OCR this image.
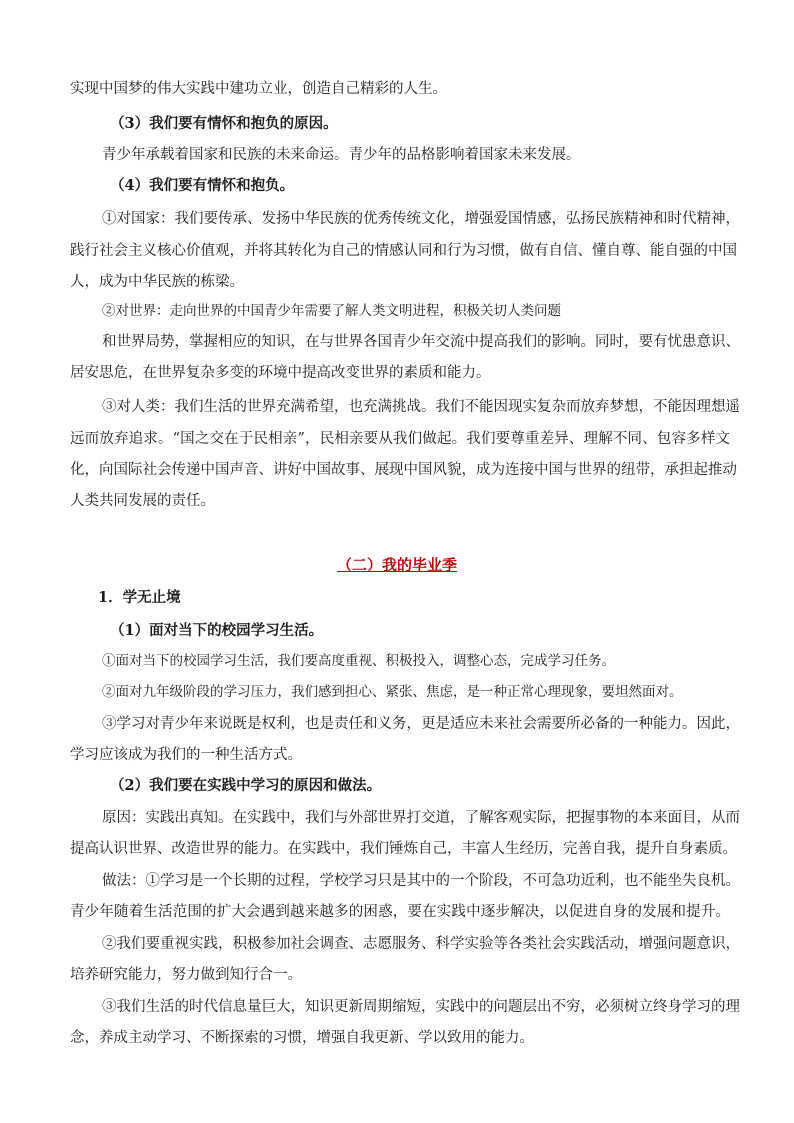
实现中国梦的伟大实践中建功立业，创造自己精彩的人生。
（3）我们要有情怀和抱负的原因。
青少年承载着国家和民族的未来命运。青少年的品格影响着国家未来发展。
（4）我们要有情怀和抱负。
①对国家：我们要传承、发扬中华民族的优秀传统文化，增强爱国情感，弘扬民族精神和时代精神，
践行社会主义核心价值观，并将其转化为自己的情感认同和行为习惯，做有自信、懂自尊、能自强的中国
人，成为中华民族的栋梁。
②对世界：走向世界的中国青少年需要了解人类文明进程，积极关切人类问题
和世界局势，掌握相应的知识，在与世界各国青少年交流中提高我们的影响。同时，要有忧患意识、
居安思危，在世界复杂多变的环境中提高改变世界的素质和能力。
③对人类：我们生活的世界充满希望，也充满挑战。我们不能因现实复杂而放弃梦想，不能因理想遥
远而放弃追求。“国之交在于民相亲”，民相亲要从我们做起。我们要尊重差异、理解不同、包容多样文
化，向国际社会传递中国声音、讲好中国故事、展现中国风貌，成为连接中国与世界的纽带，承担起推动
人类共同发展的责任。
（二）我的毕业季
1．学无止境
（1）面对当下的校园学习生活。
①面对当下的校园学习生活，我们要高度重视、积极投入，调整心态，完成学习任务。
②面对九年级阶段的学习压力，我们感到担心、紧张、焦虑，是一种正常心理现象，要坦然面对。
③学习对青少年来说既是权利，也是责任和义务，更是适应未来社会需要所必备的一种能力。因此，
学习应该成为我们的一种生活方式。
（2）我们要在实践中学习的原因和做法。
原因：实践出真知。在实践中，我们与外部世界打交道，了解客观实际，把握事物的本来面目，从而
提高认识世界、改造世界的能力。在实践中，我们锤炼自己，丰富人生经历，完善自我，提升自身素质。
做法：①学习是一个长期的过程，学校学习只是其中的一个阶段，不可急功近利，也不能坐失良机。
青少年随着生活范围的扩大会遇到越来越多的困惑，要在实践中逐步解决，以促进自身的发展和提升。
②我们要重视实践，积极参加社会调查、志愿服务、科学实验等各类社会实践活动，增强问题意识，
培养研究能力，努力做到知行合一。
③我们生活的时代信息量巨大，知识更新周期缩短，实践中的问题层出不穷，必须树立终身学习的理
念，养成主动学习、不断探索的习惯，增强自我更新、学以致用的能力。
